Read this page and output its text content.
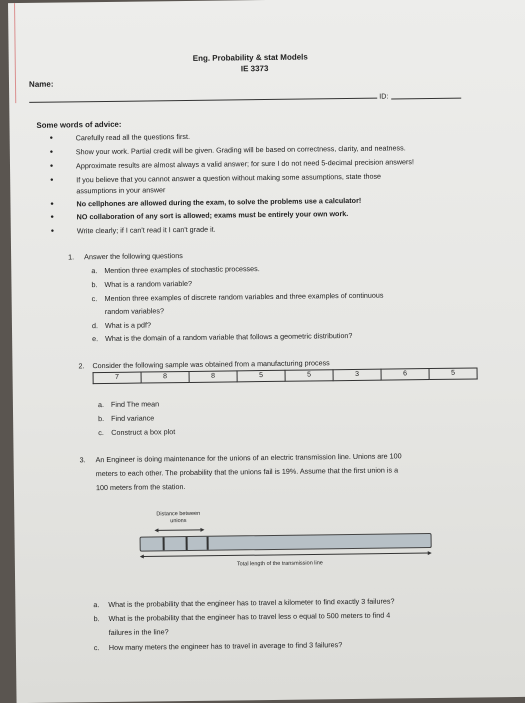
Eng. Probability & stat Models
IE 3373
Name:
ID:
Some words of advice:
• Carefully read all the questions first.
• Show your work. Partial credit will be given. Grading will be based on correctness, clarity, and neatness.
• Approximate results are almost always a valid answer; for sure I do not need 5-decimal precision answers!
• If you believe that you cannot answer a question without making some assumptions, state those
assumptions in your answer
• No cellphones are allowed during the exam, to solve the problems use a calculator!
• NO collaboration of any sort is allowed; exams must be entirely your own work.
• Write clearly; if I can't read it I can't grade it.
1. Answer the following questions
a. Mention three examples of stochastic processes.
b. What is a random variable?
c. Mention three examples of discrete random variables and three examples of continuous
random variables?
d. What is a pdf?
e. What is the domain of a random variable that follows a geometric distribution?
2. Consider the following sample was obtained from a manufacturing process
7	8	8	5	5	3	6	5
a. Find The mean
b. Find variance
c. Construct a box plot
3. An Engineer is doing maintenance for the unions of an electric transmission line. Unions are 100
meters to each other. The probability that the unions fail is 19%. Assume that the first union is a
100 meters from the station.
Distance between
unions
Total length of the transmission line
a. What is the probability that the engineer has to travel a kilometer to find exactly 3 failures?
b. What is the probability that the engineer has to travel less o equal to 500 meters to find 4
failures in the line?
c. How many meters the engineer has to travel in average to find 3 failures?
